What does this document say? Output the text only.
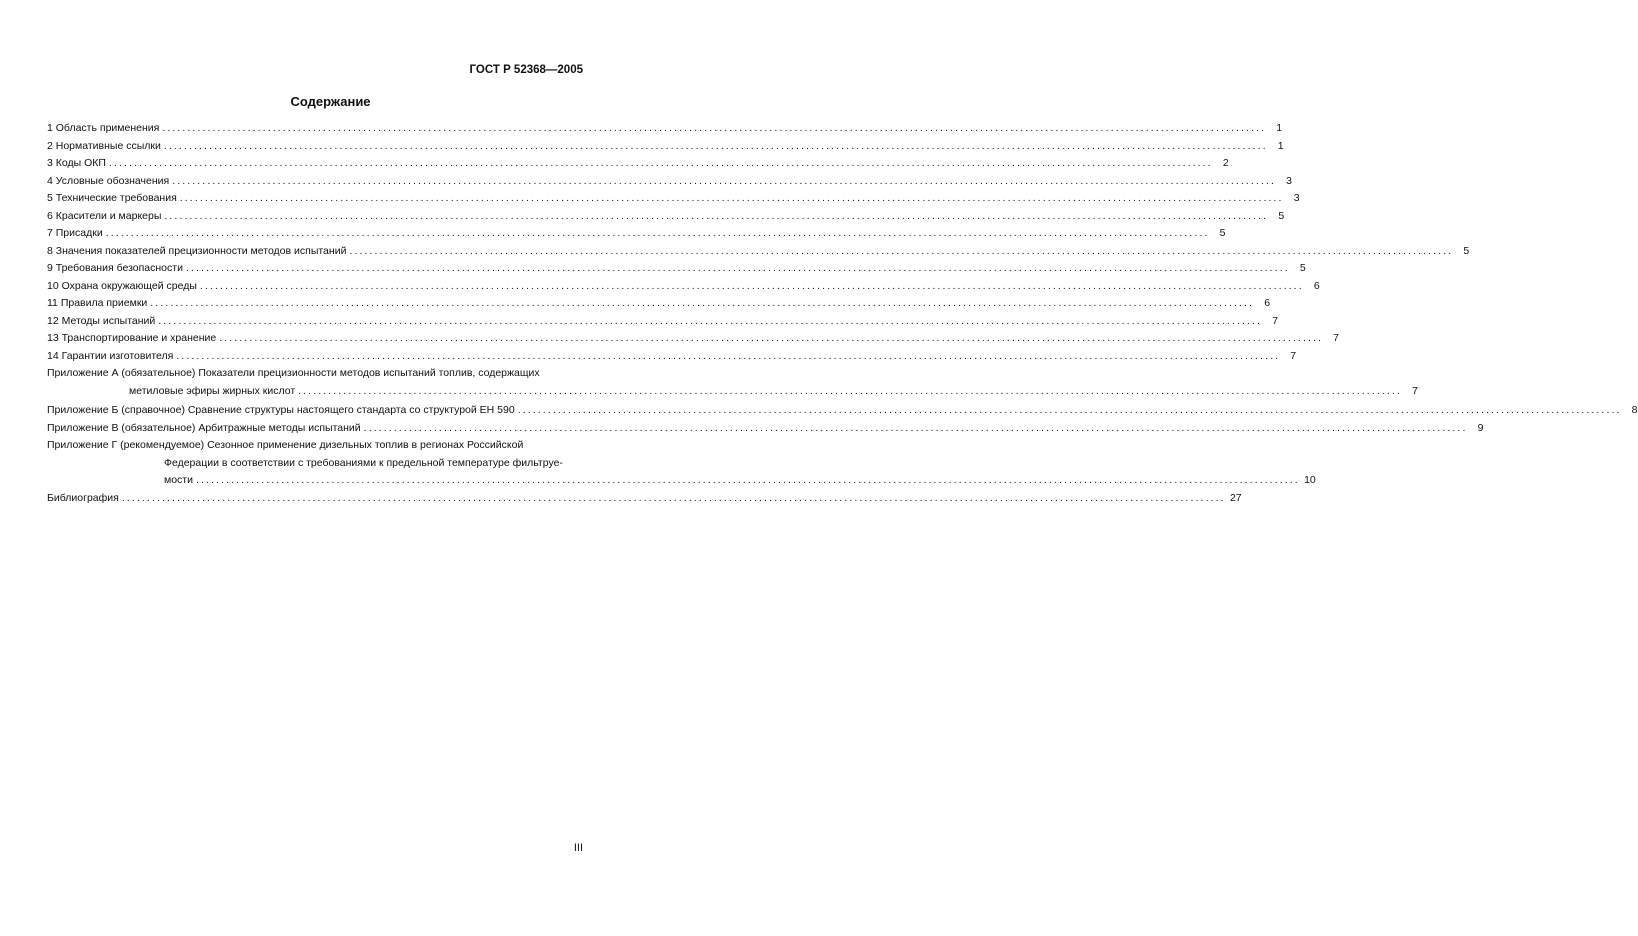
ГОСТ Р 52368—2005
Содержание
1 Область применения ............................................................................................................................................................................................................................ 1
2 Нормативные ссылки ............................................................................................................................................................................................................................ 1
3 Коды ОКП ............................................................................................................................................................................................................................ 2
4 Условные обозначения ............................................................................................................................................................................................................................ 3
5 Технические требования ............................................................................................................................................................................................................................ 3
6 Красители и маркеры ............................................................................................................................................................................................................................ 5
7 Присадки ............................................................................................................................................................................................................................ 5
8 Значения показателей прецизионности методов испытаний ............................................................................................................................................................................................................................ 5
9 Требования безопасности ............................................................................................................................................................................................................................ 5
10 Охрана окружающей среды ............................................................................................................................................................................................................................ 6
11 Правила приемки ............................................................................................................................................................................................................................ 6
12 Методы испытаний ............................................................................................................................................................................................................................ 7
13 Транспортирование и хранение ............................................................................................................................................................................................................................ 7
14 Гарантии изготовителя ............................................................................................................................................................................................................................ 7
Приложение А (обязательное) Показатели прецизионности методов испытаний топлив, содержащих
метиловые эфиры жирных кислот ............................................................................................................................................................................................................................ 7
Приложение Б (справочное) Сравнение структуры настоящего стандарта со структурой ЕН 590 ............................................................................................................................................................................................................................ 8
Приложение В (обязательное) Арбитражные методы испытаний ............................................................................................................................................................................................................................ 9
Приложение Г (рекомендуемое) Сезонное применение дизельных топлив в регионах Российской
Федерации в соответствии с требованиями к предельной температуре фильтруе-
мости ............................................................................................................................................................................................................................ 10
Библиография ............................................................................................................................................................................................................................ 27
III
